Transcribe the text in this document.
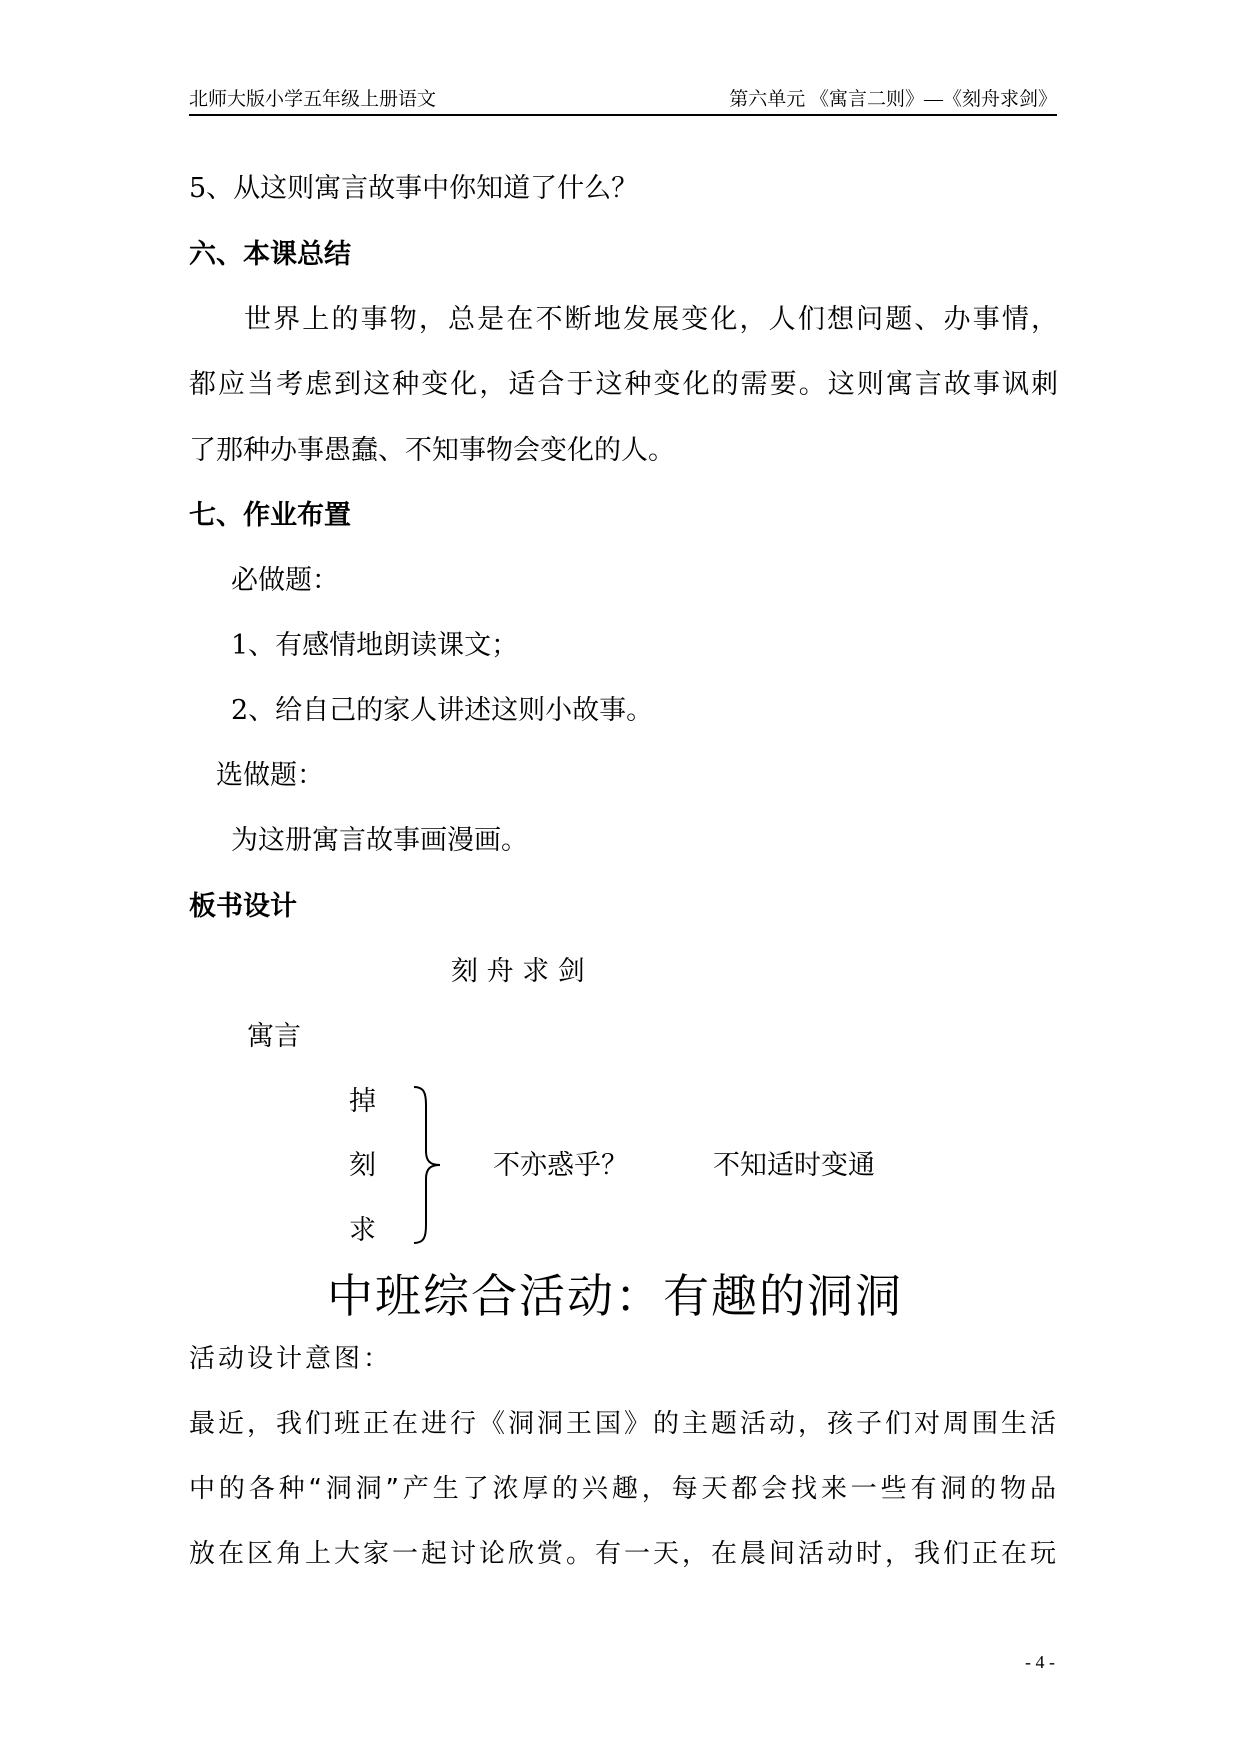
北师大版小学五年级上册语文	第六单元 《寓言二则》—《刻舟求剑》
5、从这则寓言故事中你知道了什么？
六、本课总结
世界上的事物，总是在不断地发展变化，人们想问题、办事情，
都应当考虑到这种变化，适合于这种变化的需要。这则寓言故事讽刺
了那种办事愚蠢、不知事物会变化的人。
七、作业布置
必做题：
1、有感情地朗读课文；
2、给自己的家人讲述这则小故事。
选做题：
为这册寓言故事画漫画。
板书设计
刻 舟 求 剑
寓言
掉
刻
求
不亦惑乎？	不知适时变通
中班综合活动：有趣的洞洞
活动设计意图：
最近，我们班正在进行《洞洞王国》的主题活动，孩子们对周围生活
中的各种“洞洞”产生了浓厚的兴趣，每天都会找来一些有洞的物品
放在区角上大家一起讨论欣赏。有一天，在晨间活动时，我们正在玩
- 4 -
